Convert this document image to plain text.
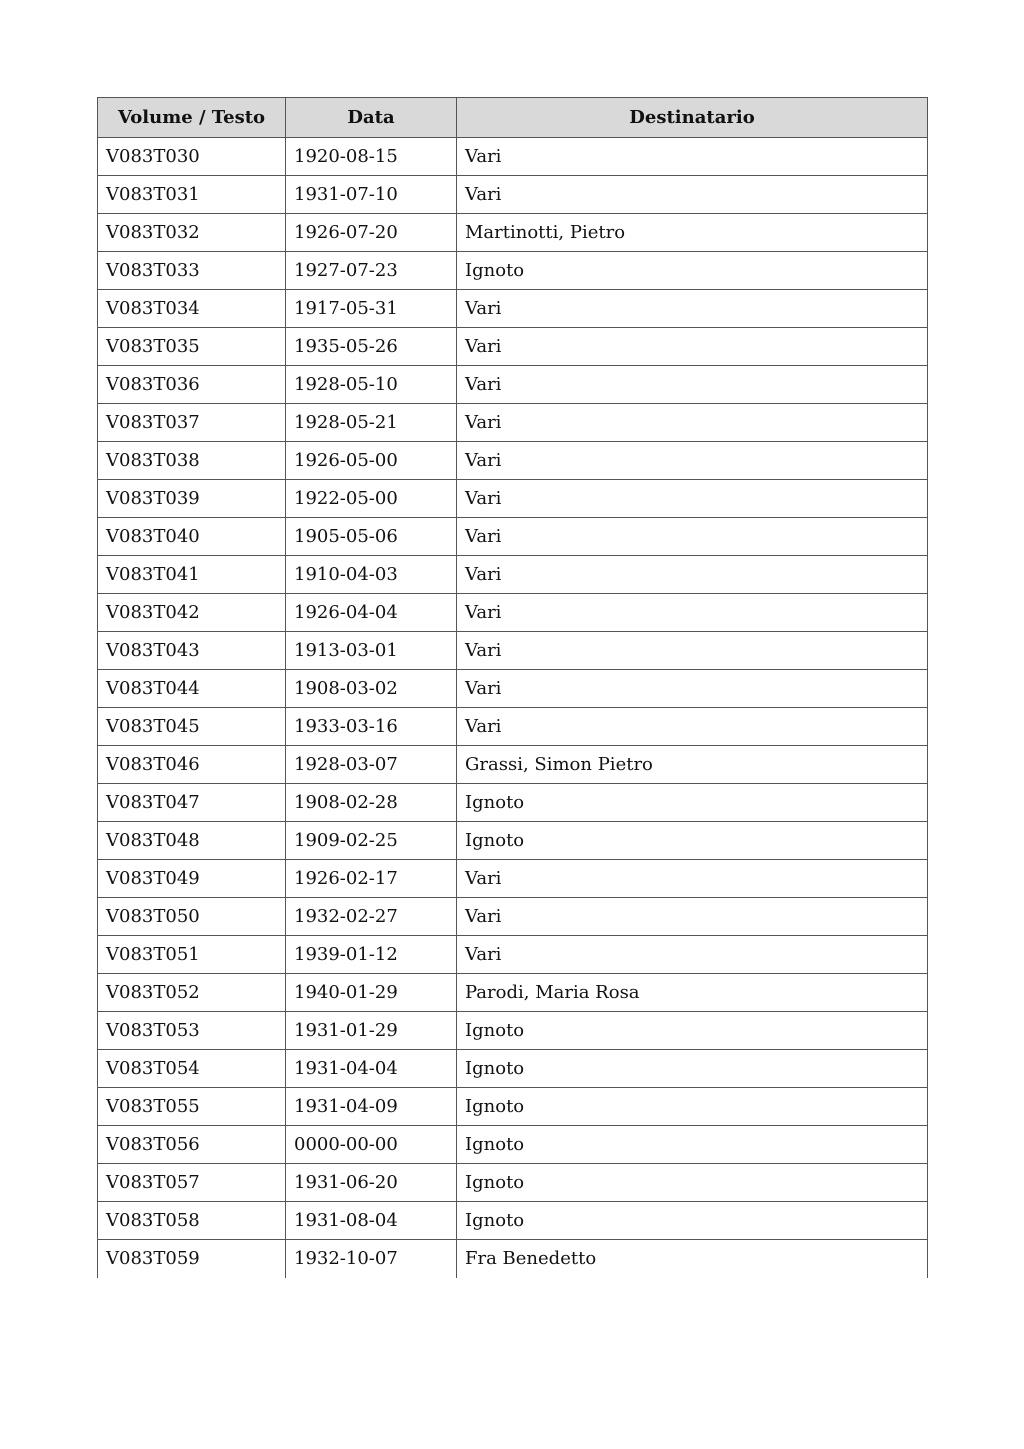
Volume / Testo	Data	Destinatario
V083T030	1920-08-15	Vari
V083T031	1931-07-10	Vari
V083T032	1926-07-20	Martinotti, Pietro
V083T033	1927-07-23	Ignoto
V083T034	1917-05-31	Vari
V083T035	1935-05-26	Vari
V083T036	1928-05-10	Vari
V083T037	1928-05-21	Vari
V083T038	1926-05-00	Vari
V083T039	1922-05-00	Vari
V083T040	1905-05-06	Vari
V083T041	1910-04-03	Vari
V083T042	1926-04-04	Vari
V083T043	1913-03-01	Vari
V083T044	1908-03-02	Vari
V083T045	1933-03-16	Vari
V083T046	1928-03-07	Grassi, Simon Pietro
V083T047	1908-02-28	Ignoto
V083T048	1909-02-25	Ignoto
V083T049	1926-02-17	Vari
V083T050	1932-02-27	Vari
V083T051	1939-01-12	Vari
V083T052	1940-01-29	Parodi, Maria Rosa
V083T053	1931-01-29	Ignoto
V083T054	1931-04-04	Ignoto
V083T055	1931-04-09	Ignoto
V083T056	0000-00-00	Ignoto
V083T057	1931-06-20	Ignoto
V083T058	1931-08-04	Ignoto
V083T059	1932-10-07	Fra Benedetto
